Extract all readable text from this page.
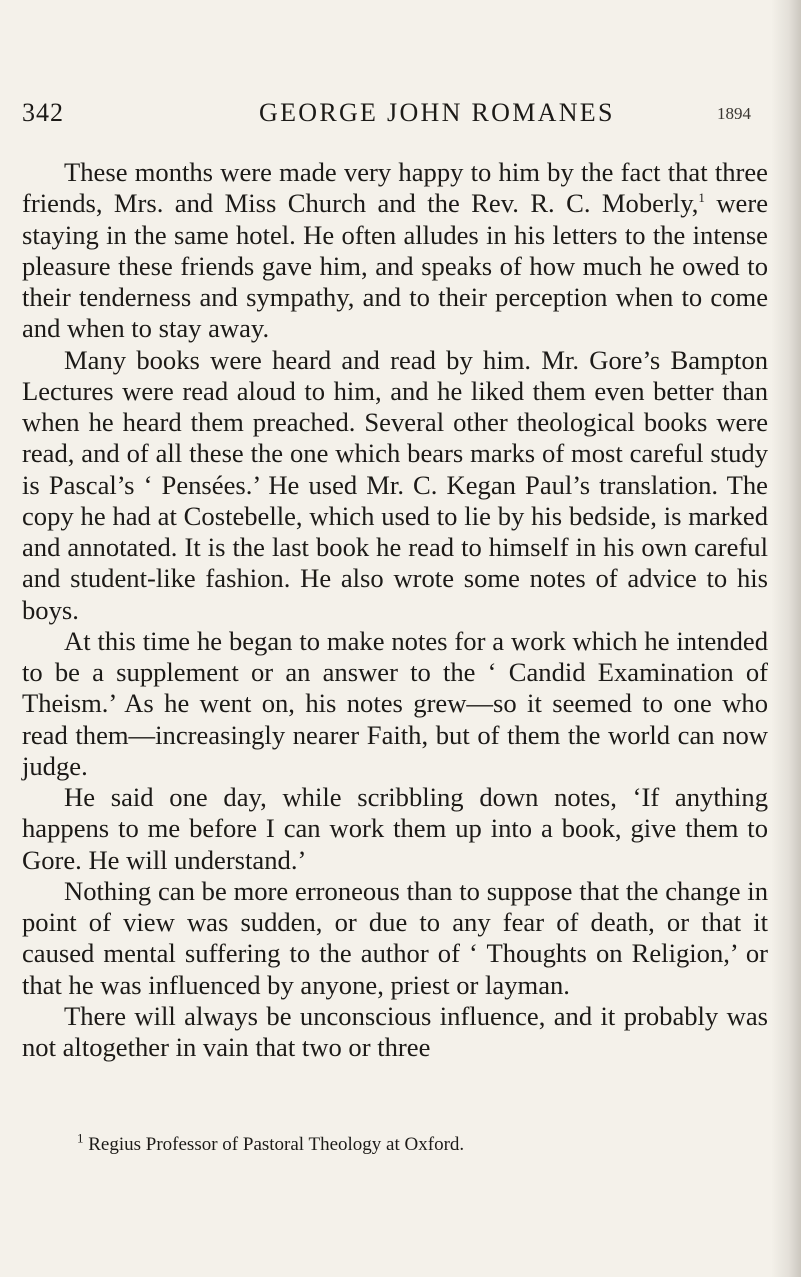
342	GEORGE JOHN ROMANES	1894

These months were made very happy to him by the fact that three friends, Mrs. and Miss Church and the Rev. R. C. Moberly,$^1$ were staying in the same hotel. He often alludes in his letters to the intense pleasure these friends gave him, and speaks of how much he owed to their tenderness and sympathy, and to their perception when to come and when to stay away.

Many books were heard and read by him. Mr. Gore’s Bampton Lectures were read aloud to him, and he liked them even better than when he heard them preached. Several other theological books were read, and of all these the one which bears marks of most careful study is Pascal’s ‘ Pensées.’ He used Mr. C. Kegan Paul’s translation. The copy he had at Costebelle, which used to lie by his bedside, is marked and annotated. It is the last book he read to himself in his own careful and student-like fashion. He also wrote some notes of advice to his boys.

At this time he began to make notes for a work which he intended to be a supplement or an answer to the ‘ Candid Examination of Theism.’ As he went on, his notes grew—so it seemed to one who read them—increasingly nearer Faith, but of them the world can now judge.

He said one day, while scribbling down notes, ‘If anything happens to me before I can work them up into a book, give them to Gore. He will understand.’

Nothing can be more erroneous than to suppose that the change in point of view was sudden, or due to any fear of death, or that it caused mental suffering to the author of ‘ Thoughts on Religion,’ or that he was influenced by anyone, priest or layman.

There will always be unconscious influence, and it probably was not altogether in vain that two or three

$^1$ Regius Professor of Pastoral Theology at Oxford.
